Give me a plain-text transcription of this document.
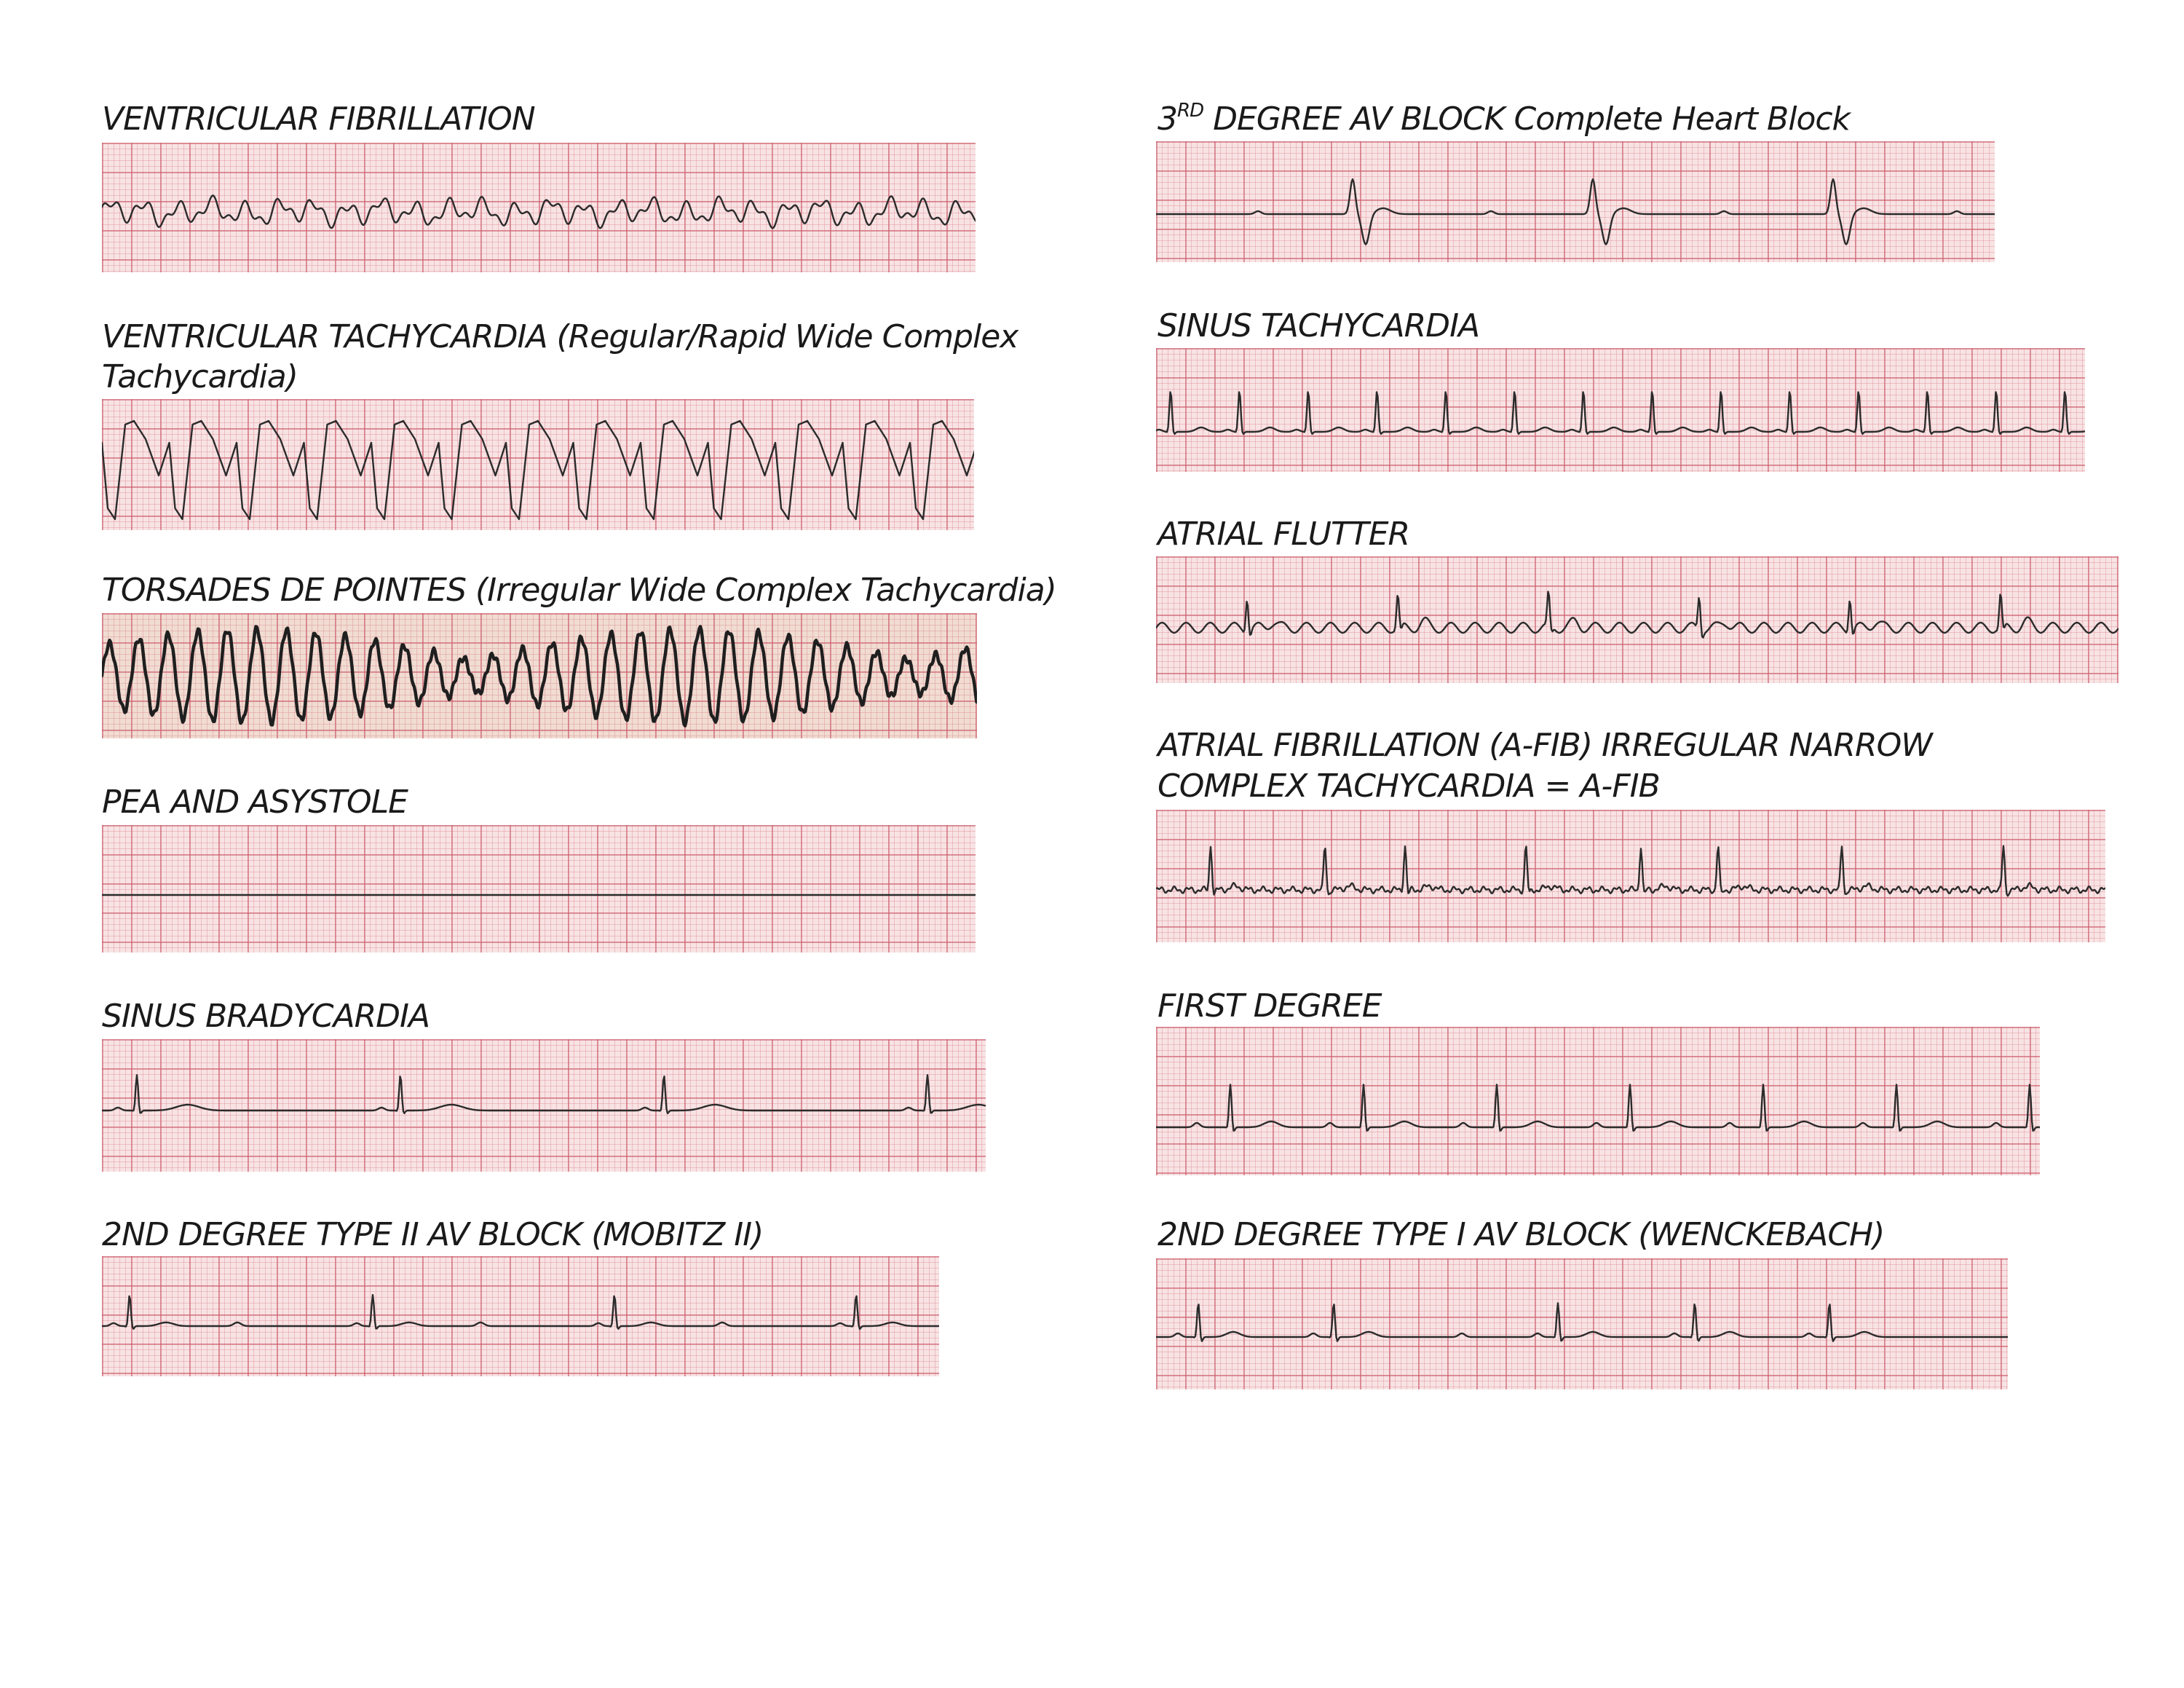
VENTRICULAR FIBRILLATION
VENTRICULAR TACHYCARDIA (Regular/Rapid Wide Complex
Tachycardia)
TORSADES DE POINTES (Irregular Wide Complex Tachycardia)
PEA AND ASYSTOLE
SINUS BRADYCARDIA
2ND DEGREE TYPE II AV BLOCK (MOBITZ II)
3RD DEGREE AV BLOCK Complete Heart Block
SINUS TACHYCARDIA
ATRIAL FLUTTER
ATRIAL FIBRILLATION (A-FIB) IRREGULAR NARROW
COMPLEX TACHYCARDIA = A-FIB
FIRST DEGREE
2ND DEGREE TYPE I AV BLOCK (WENCKEBACH)
